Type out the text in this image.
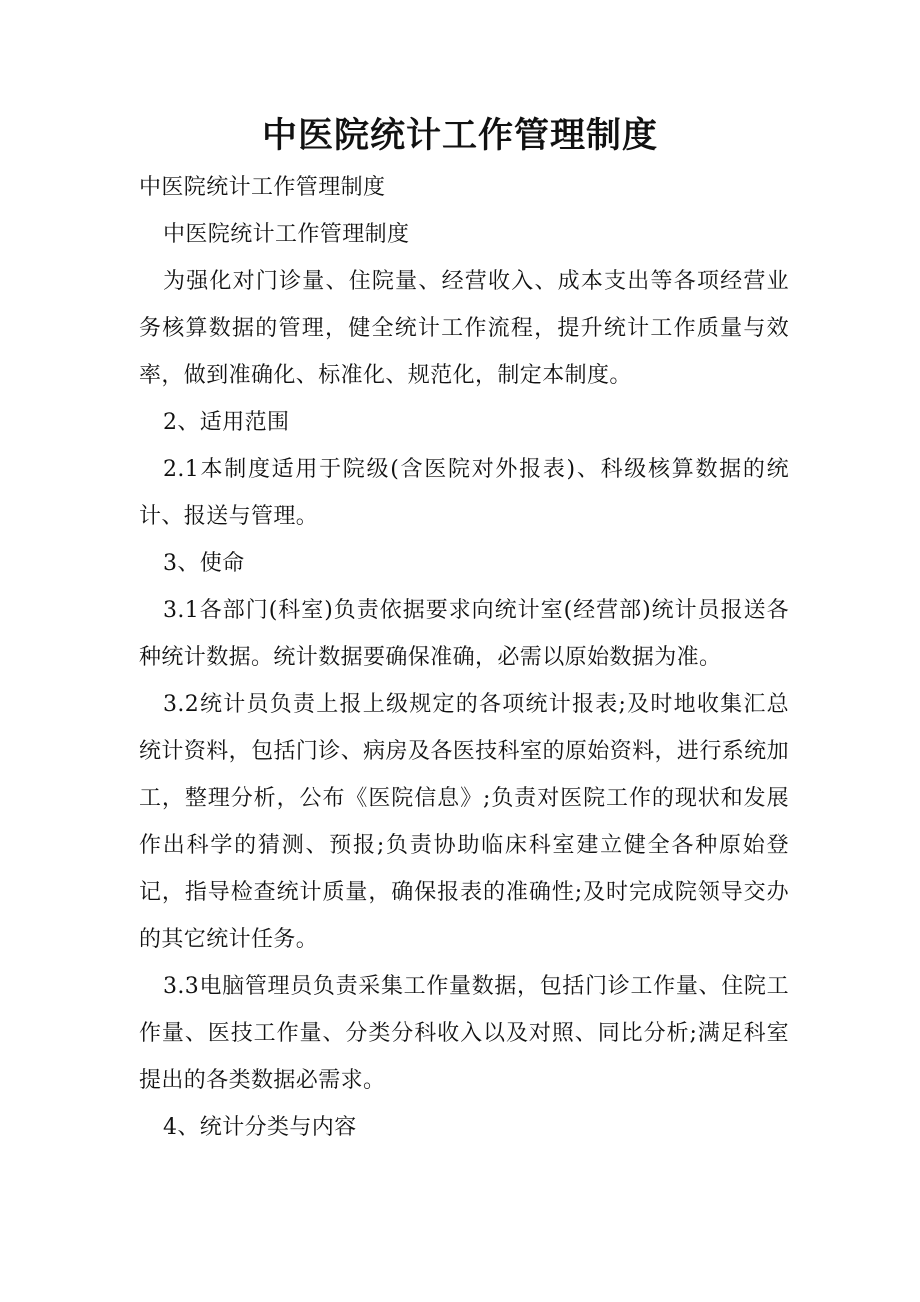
中医院统计工作管理制度

中医院统计工作管理制度

中医院统计工作管理制度

为强化对门诊量、住院量、经营收入、成本支出等各项经营业务核算数据的管理，健全统计工作流程，提升统计工作质量与效率，做到准确化、标准化、规范化，制定本制度。

2、适用范围

2.1本制度适用于院级(含医院对外报表)、科级核算数据的统计、报送与管理。

3、使命

3.1各部门(科室)负责依据要求向统计室(经营部)统计员报送各种统计数据。统计数据要确保准确，必需以原始数据为准。

3.2统计员负责上报上级规定的各项统计报表;及时地收集汇总统计资料，包括门诊、病房及各医技科室的原始资料，进行系统加工，整理分析，公布《医院信息》;负责对医院工作的现状和发展作出科学的猜测、预报;负责协助临床科室建立健全各种原始登记，指导检查统计质量，确保报表的准确性;及时完成院领导交办的其它统计任务。

3.3电脑管理员负责采集工作量数据，包括门诊工作量、住院工作量、医技工作量、分类分科收入以及对照、同比分析;满足科室提出的各类数据必需求。

4、统计分类与内容
